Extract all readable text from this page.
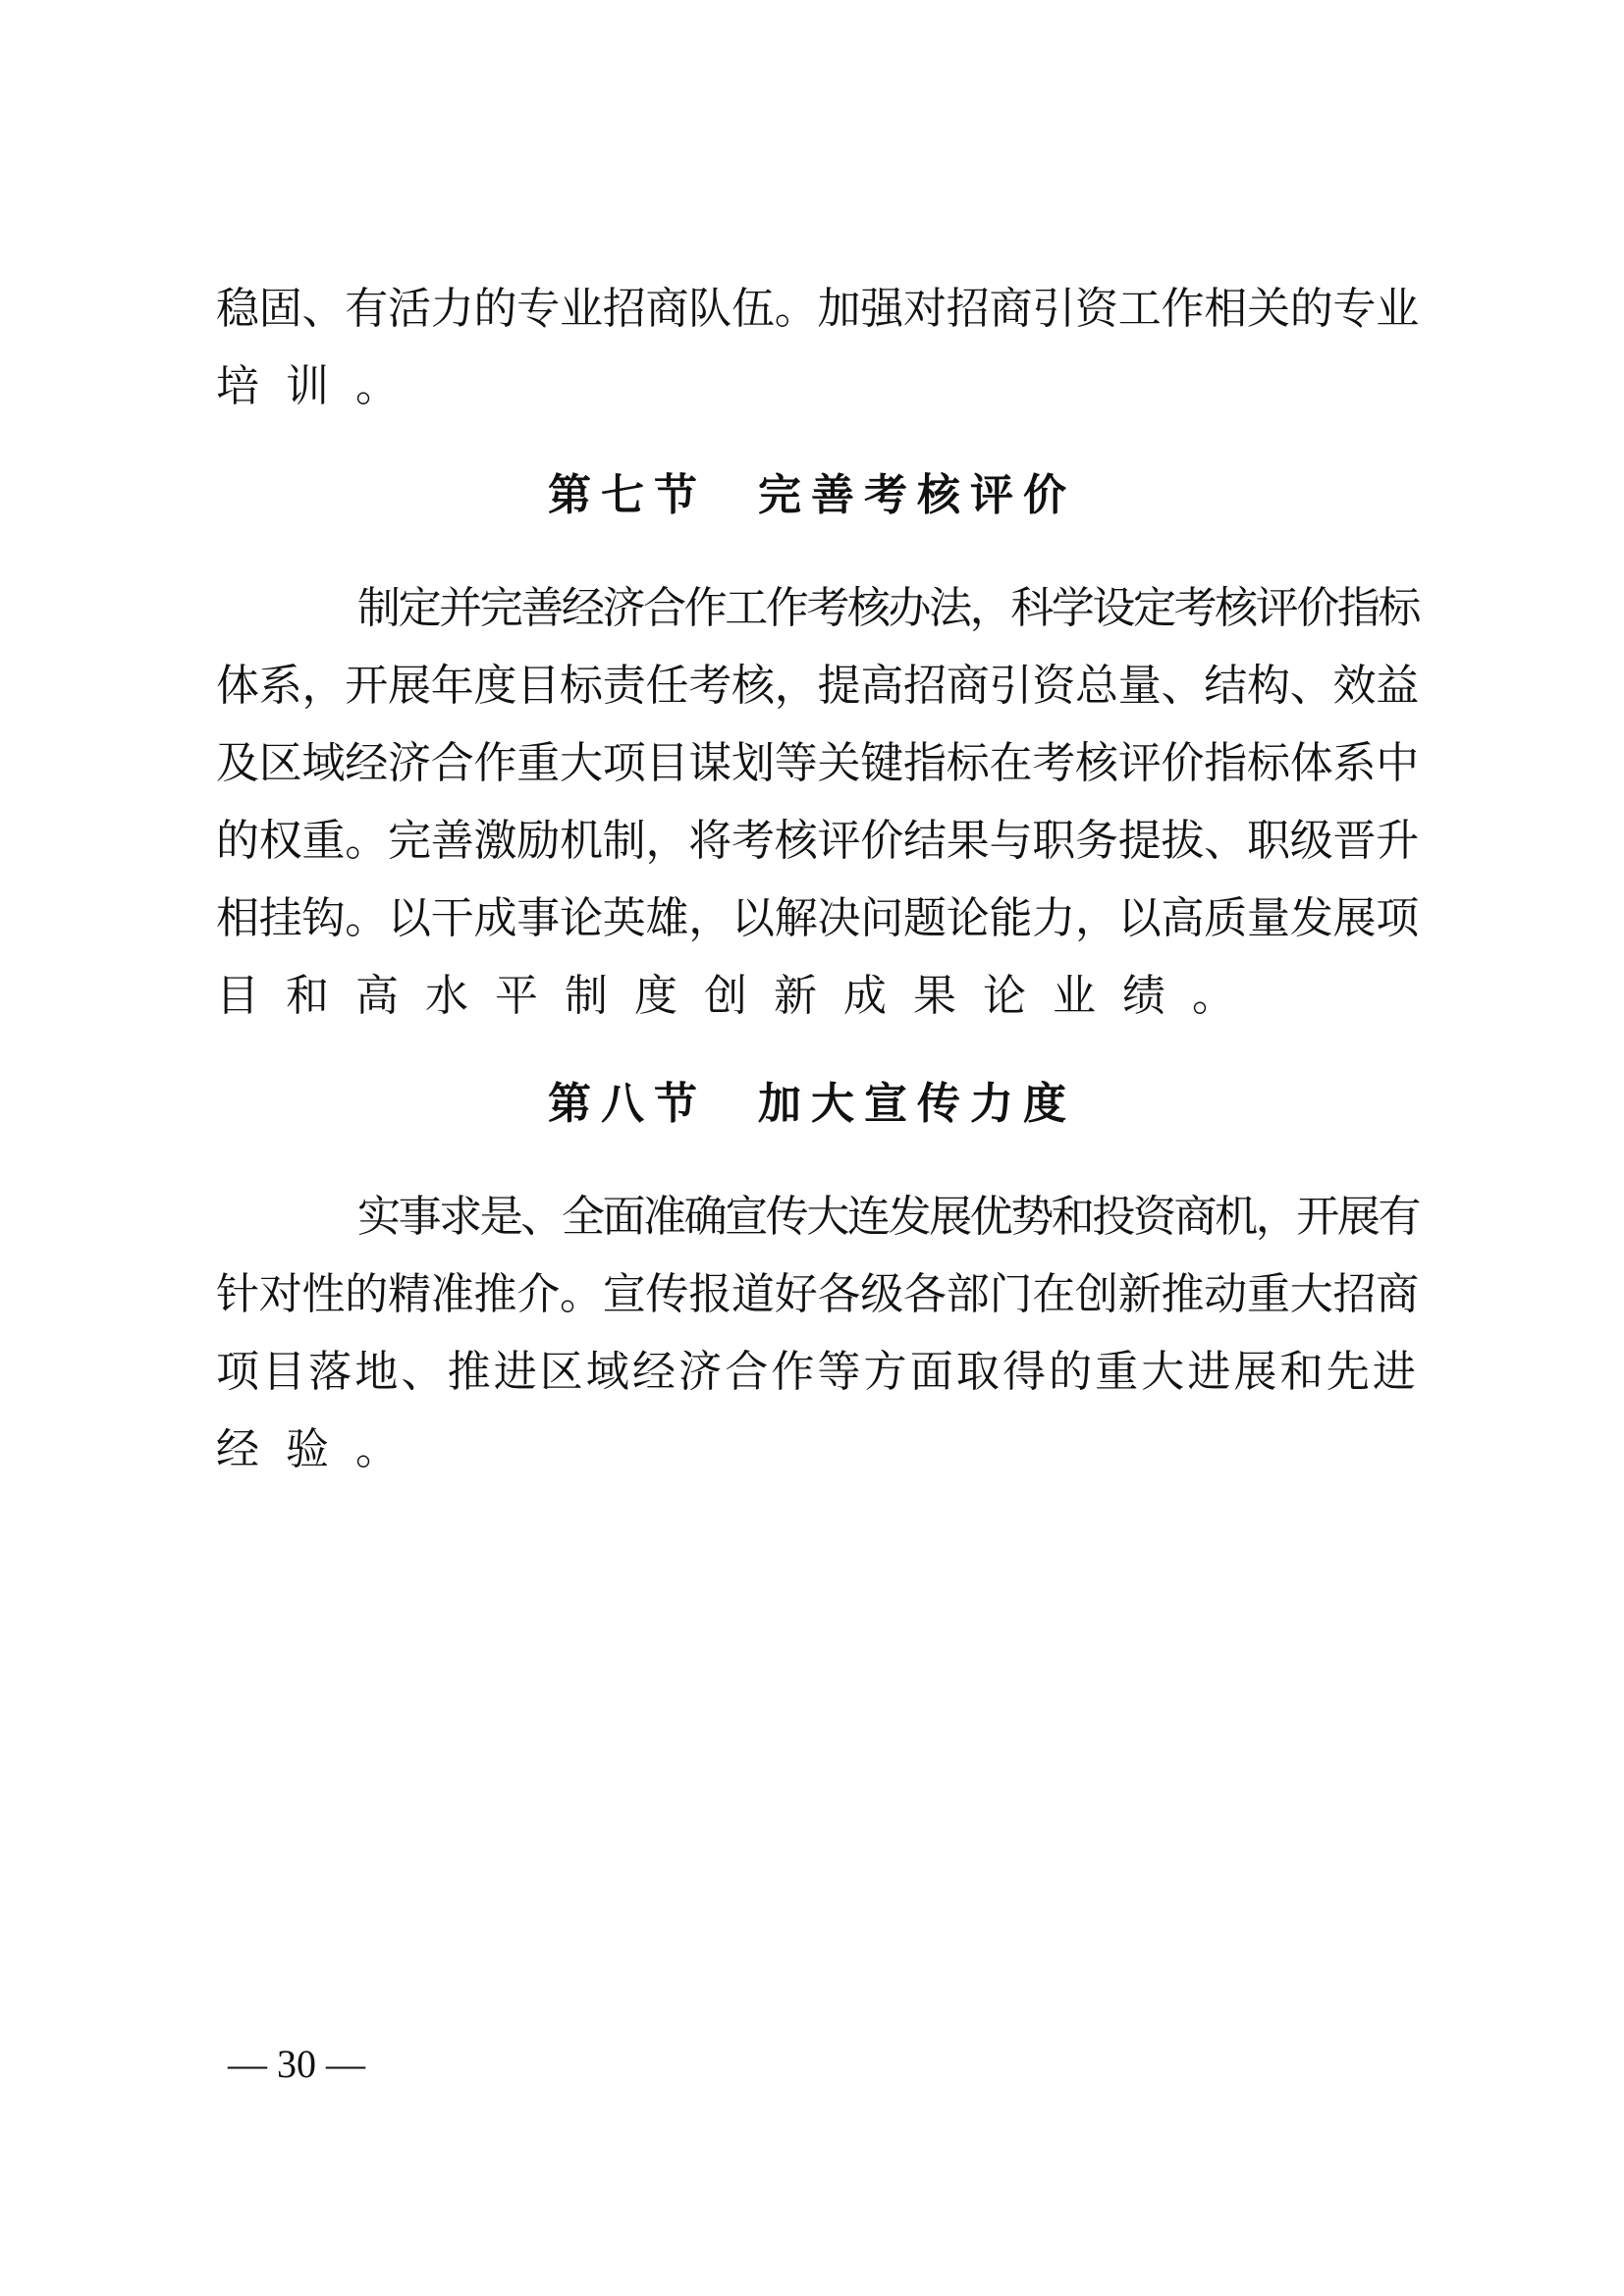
稳 固 、 有 活 力 的 专 业 招 商 队 伍 。 加 强 对 招 商 引 资 工 作 相 关 的 专 业
培训。
第七节 完善考核评价
制
定
并
完
善
经
济
合
作
工
作
考
核
办
法
，
科
学
设
定
考
核
评
价
指
标
体 系 ， 开 展 年 度 目 标 责 任 考 核 ， 提 高 招 商 引 资 总 量 、 结 构 、 效 益
及 区 域 经 济 合 作 重 大 项 目 谋 划 等 关 键 指 标 在 考 核 评 价 指 标 体 系 中
的 权 重 。 完 善 激 励 机 制 ， 将 考 核 评 价 结 果 与 职 务 提 拔 、 职 级 晋 升
相 挂 钩 。 以 干 成 事 论 英 雄 ， 以 解 决 问 题 论 能 力 ， 以 高 质 量 发 展 项
目和高水平制度创新成果论业绩。
第八节 加大宣传力度
实
事
求
是
、
全
面
准
确
宣
传
大
连
发
展
优
势
和
投
资
商
机
，
开
展
有
针 对 性 的 精 准 推 介 。 宣 传 报 道 好 各 级 各 部 门 在 创 新 推 动 重 大 招 商
项 目 落 地 、 推 进 区 域 经 济 合 作 等 方 面 取 得 的 重 大 进 展 和 先 进
经验。
— 30 —
